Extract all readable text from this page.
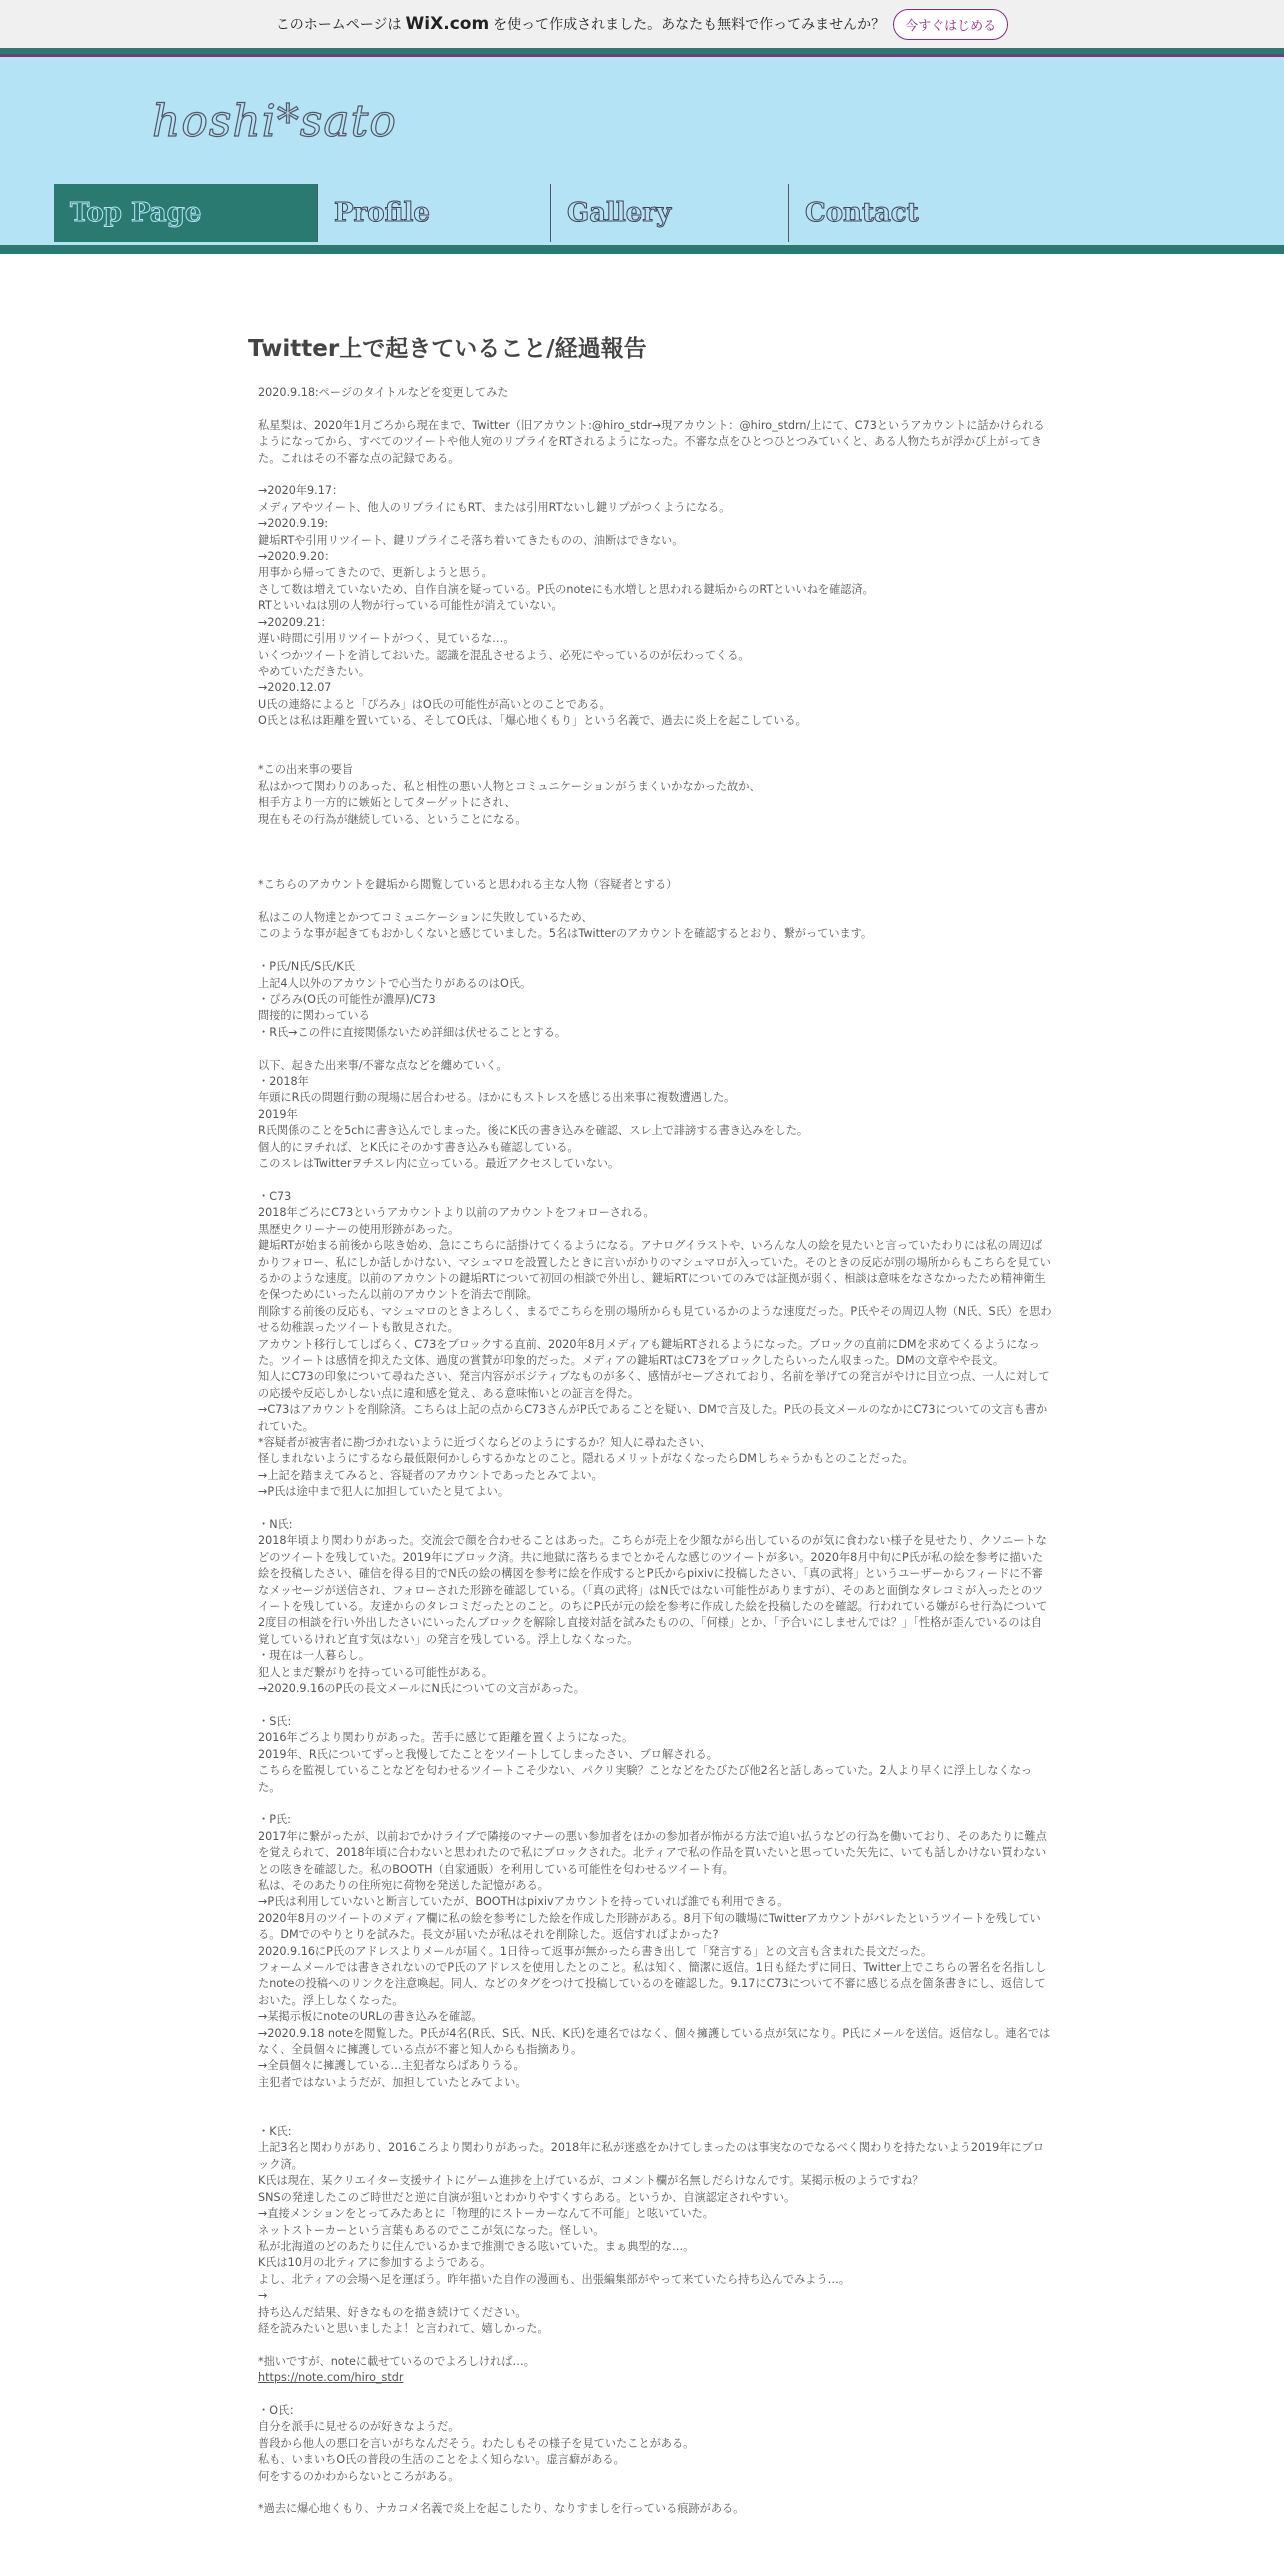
このホームページは WiX.com を使って作成されました。あなたも無料で作ってみませんか？	今すぐはじめる
hoshi*sato
Top Page	Profile	Gallery	Contact
Twitter上で起きていること/経過報告
2020.9.18:ページのタイトルなどを変更してみた

私星梨は、2020年1月ごろから現在まで、Twitter（旧アカウント:@hiro_stdr→現アカウント：@hiro_stdrn/上にて、C73というアカウントに話かけられるようになってから、すべてのツイートや他人宛のリプライをRTされるようになった。不審な点をひとつひとつみていくと、ある人物たちが浮かび上がってきた。これはその不審な点の記録である。

→2020年9.17：
メディアやツイート、他人のリプライにもRT、または引用RTないし鍵リプがつくようになる。
→2020.9.19:
鍵垢RTや引用リツイート、鍵リプライこそ落ち着いてきたものの、油断はできない。
→2020.9.20：
用事から帰ってきたので、更新しようと思う。
さして数は増えていないため、自作自演を疑っている。P氏のnoteにも水増しと思われる鍵垢からのRTといいねを確認済。
RTといいねは別の人物が行っている可能性が消えていない。
→20209.21：
遅い時間に引用リツイートがつく、見ているな…。
いくつかツイートを消しておいた。認識を混乱させるよう、必死にやっているのが伝わってくる。
やめていただきたい。
→2020.12.07
U氏の連絡によると「ぴろみ」はO氏の可能性が高いとのことである。
O氏とは私は距離を置いている、そしてO氏は、「爆心地くもり」という名義で、過去に炎上を起こしている。

*この出来事の要旨
私はかつて関わりのあった、私と相性の悪い人物とコミュニケーションがうまくいかなかった故か、
相手方より一方的に嫉妬としてターゲットにされ、
現在もその行為が継続している、ということになる。

*こちらのアカウントを鍵垢から閲覧していると思われる主な人物（容疑者とする）

私はこの人物達とかつてコミュニケーションに失敗しているため、
このような事が起きてもおかしくないと感じていました。5名はTwitterのアカウントを確認するとおり、繋がっています。

・P氏/N氏/S氏/K氏
上記4人以外のアカウントで心当たりがあるのはO氏。
・ぴろみ(O氏の可能性が濃厚)/C73
間接的に関わっている
・R氏→この件に直接関係ないため詳細は伏せることとする。

以下、起きた出来事/不審な点などを纏めていく。
・2018年
年頭にR氏の問題行動の現場に居合わせる。ほかにもストレスを感じる出来事に複数遭遇した。
2019年
R氏関係のことを5chに書き込んでしまった。後にK氏の書き込みを確認、スレ上で誹謗する書き込みをした。
個人的にヲチれば、とK氏にそのかす書き込みも確認している。
このスレはTwitterヲチスレ内に立っている。最近アクセスしていない。

・C73
2018年ごろにC73というアカウントより以前のアカウントをフォローされる。
黒歴史クリーナーの使用形跡があった。
鍵垢RTが始まる前後から呟き始め、急にこちらに話掛けてくるようになる。アナログイラストや、いろんな人の絵を見たいと言っていたわりには私の周辺ばかりフォロー、私にしか話しかけない、マシュマロを設置したときに言いがかりのマシュマロが入っていた。そのときの反応が別の場所からもこちらを見ているかのような速度。以前のアカウントの鍵垢RTについて初回の相談で外出し、鍵垢RTについてのみでは証拠が弱く、相談は意味をなさなかったため精神衛生を保つためにいったん以前のアカウントを消去で削除。
削除する前後の反応も、マシュマロのときよろしく、まるでこちらを別の場所からも見ているかのような速度だった。P氏やその周辺人物（N氏、S氏）を思わせる幼稚誤ったツイートも散見された。
アカウント移行してしばらく、C73をブロックする直前、2020年8月メディアも鍵垢RTされるようになった。ブロックの直前にDMを求めてくるようになった。ツイートは感情を抑えた文体、過度の賞賛が印象的だった。メディアの鍵垢RTはC73をブロックしたらいったん収まった。DMの文章やや長文。
知人にC73の印象について尋ねたさい、発言内容がポジティブなものが多く、感情がセーブされており、名前を挙げての発言がやけに目立つ点、一人に対しての応援や反応しかしない点に違和感を覚え、ある意味怖いとの証言を得た。
→C73はアカウントを削除済。こちらは上記の点からC73さんがP氏であることを疑い、DMで言及した。P氏の長文メールのなかにC73についての文言も書かれていた。
*容疑者が被害者に勘づかれないように近づくならどのようにするか？知人に尋ねたさい、
怪しまれないようにするなら最低限何かしらするかなとのこと。隠れるメリットがなくなったらDMしちゃうかもとのことだった。
→上記を踏まえてみると、容疑者のアカウントであったとみてよい。
→P氏は途中まで犯人に加担していたと見てよい。

・N氏:
2018年頃より関わりがあった。交流会で顔を合わせることはあった。こちらが売上を少額ながら出しているのが気に食わない様子を見せたり、クソニートなどのツイートを残していた。2019年にブロック済。共に地獄に落ちるまでとかそんな感じのツイートが多い。2020年8月中旬にP氏が私の絵を参考に描いた絵を投稿したさい、確信を得る目的でN氏の絵の構図を参考に絵を作成するとP氏からpixivに投稿したさい、「真の武将」というユーザーからフィードに不審なメッセージが送信され、フォローされた形跡を確認している。（「真の武将」はN氏ではない可能性がありますが）、そのあと面倒なタレコミが入ったとのツイートを残している。友達からのタレコミだったとのこと。のちにP氏が元の絵を参考に作成した絵を投稿したのを確認。行われている嫌がらせ行為について2度目の相談を行い外出したさいにいったんブロックを解除し直接対話を試みたものの、「何様」とか、「予合いにしませんでは？」「性格が歪んでいるのは自覚しているけれど直す気はない」の発言を残している。浮上しなくなった。
・現在は一人暮らし。
犯人とまだ繋がりを持っている可能性がある。
→2020.9.16のP氏の長文メールにN氏についての文言があった。

・S氏:
2016年ごろより関わりがあった。苦手に感じて距離を置くようになった。
2019年、R氏についてずっと我慢してたことをツイートしてしまったさい、ブロ解される。
こちらを監視していることなどを匂わせるツイートこそ少ない、パクリ実験？ことなどをたびたび他2名と話しあっていた。2人より早くに浮上しなくなった。

・P氏:
2017年に繋がったが、以前おでかけライブで隣接のマナーの悪い参加者をほかの参加者が怖がる方法で追い払うなどの行為を働いており、そのあたりに難点を覚えられて、2018年頃に合わないと思われたので私にブロックされた。北ティアで私の作品を買いたいと思っていた矢先に、いても話しかけない買わないとの呟きを確認した。私のBOOTH（自家通販）を利用している可能性を匂わせるツイート有。
私は、そのあたりの住所宛に荷物を発送した記憶がある。
→P氏は利用していないと断言していたが、BOOTHはpixivアカウントを持っていれば誰でも利用できる。
2020年8月のツイートのメディア欄に私の絵を参考にした絵を作成した形跡がある。8月下旬の職場にTwitterアカウントがバレたというツイートを残している。DMでのやりとりを試みた。長文が届いたが私はそれを削除した。返信すればよかった?
2020.9.16にP氏のアドレスよりメールが届く。1日待って返事が無かったら書き出して「発言する」との文言も含まれた長文だった。
フォームメールでは書きされないのでP氏のアドレスを使用したとのこと。私は知く、簡潔に返信。1日も経たずに同日、Twitter上でこちらの署名を名指ししたnoteの投稿へのリンクを注意喚起。同人、などのタグをつけて投稿しているのを確認した。9.17にC73について不審に感じる点を箇条書きにし、返信しておいた。浮上しなくなった。
→某掲示板にnoteのURLの書き込みを確認。
→2020.9.18 noteを閲覧した。P氏が4名(R氏、S氏、N氏、K氏)を連名ではなく、個々擁護している点が気になり。P氏にメールを送信。返信なし。連名ではなく、全員個々に擁護している点が不審と知人からも指摘あり。
→全員個々に擁護している…主犯者ならばありうる。
主犯者ではないようだが、加担していたとみてよい。

・K氏:
上記3名と関わりがあり、2016ころより関わりがあった。2018年に私が迷惑をかけてしまったのは事実なのでなるべく関わりを持たないよう2019年にブロック済。
K氏は現在、某クリエイター支援サイトにゲーム進捗を上げているが、コメント欄が名無しだらけなんです。某掲示板のようですね？
SNSの発達したこのご時世だと逆に自演が狙いとわかりやすくすらある。というか、自演認定されやすい。
→直接メンションをとってみたあとに「物理的にストーカーなんて不可能」と呟いていた。
ネットストーカーという言葉もあるのでここが気になった。怪しい。
私が北海道のどのあたりに住んでいるかまで推測できる呟いていた。まぁ典型的な…。
K氏は10月の北ティアに参加するようである。
よし、北ティアの会場へ足を運ぼう。昨年描いた自作の漫画も、出張編集部がやって来ていたら持ち込んでみよう…。
→
持ち込んだ結果、好きなものを描き続けてください。
経を読みたいと思いましたよ！と言われて、嬉しかった。

*拙いですが、noteに載せているのでよろしければ…。
https://note.com/hiro_stdr

・O氏：
自分を派手に見せるのが好きなようだ。
普段から他人の悪口を言いがちなんだそう。わたしもその様子を見ていたことがある。
私も、いまいちO氏の普段の生活のことをよく知らない。虚言癖がある。
何をするのかわからないところがある。

*過去に爆心地くもり、ナカコメ名義で炎上を起こしたり、なりすましを行っている痕跡がある。
